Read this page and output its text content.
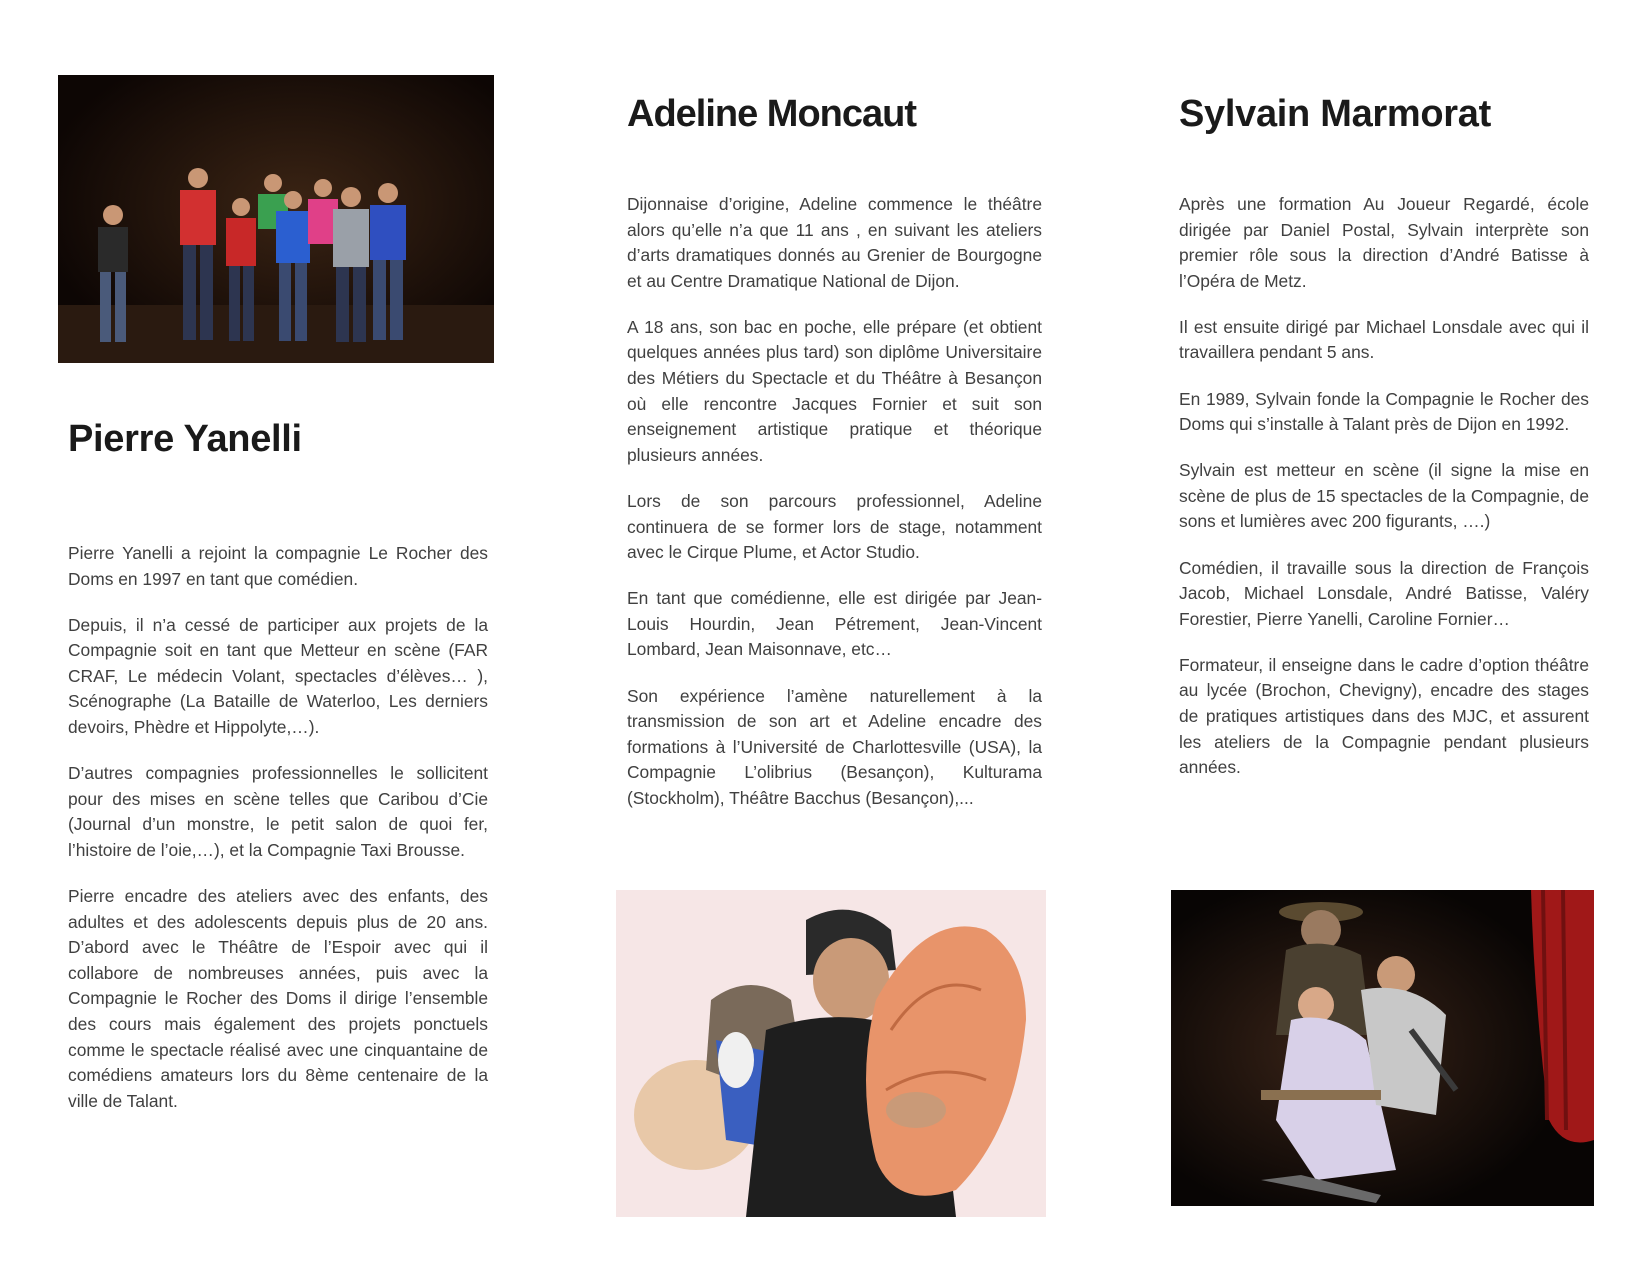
Pierre Yanelli

Pierre Yanelli a rejoint la compagnie Le Rocher des Doms en 1997 en tant que comédien.

Depuis, il n’a cessé de participer aux projets de la Compagnie soit en tant que Metteur en scène (FAR CRAF, Le médecin Volant, spectacles d’élèves… ), Scénographe (La Bataille de Waterloo, Les derniers devoirs, Phèdre et Hippolyte,…).

D’autres compagnies professionnelles le sollicitent pour des mises en scène telles que Caribou d’Cie (Journal d’un monstre, le petit salon de quoi fer, l’histoire de l’oie,…), et la Compagnie Taxi Brousse.

Pierre encadre des ateliers avec des enfants, des adultes et des adolescents depuis plus de 20 ans. D’abord avec le Théâtre de l’Espoir avec qui il collabore de nombreuses années, puis avec la Compagnie le Rocher des Doms il dirige l’ensemble des cours mais également des projets ponctuels comme le spectacle réalisé avec une cinquantaine de comédiens amateurs lors du 8ème centenaire de la ville de Talant.

Adeline Moncaut

Dijonnaise d’origine, Adeline commence le théâtre alors qu’elle n’a que 11 ans , en suivant les ateliers d’arts dramatiques donnés au Grenier de Bourgogne et au Centre Dramatique National de Dijon.

A 18 ans, son bac en poche, elle prépare (et obtient quelques années plus tard) son diplôme Universitaire des Métiers du Spectacle et du Théâtre à Besançon où elle rencontre Jacques Fornier et suit son enseignement artistique pratique et théorique plusieurs années.

Lors de son parcours professionnel, Adeline continuera de se former lors de stage, notamment avec le Cirque Plume, et Actor Studio.

En tant que comédienne, elle est dirigée par Jean-Louis Hourdin, Jean Pétrement, Jean-Vincent Lombard, Jean Maisonnave, etc…

Son expérience l’amène naturellement à la transmission de son art et Adeline encadre des formations à l’Université de Charlottesville (USA), la Compagnie L’olibrius (Besançon), Kulturama (Stockholm), Théâtre Bacchus (Besançon),...

Sylvain Marmorat

Après une formation Au Joueur Regardé, école dirigée par Daniel Postal, Sylvain interprète son premier rôle sous la direction d’André Batisse à l’Opéra de Metz.

Il est ensuite dirigé par Michael Lonsdale avec qui il travaillera pendant 5 ans.

En 1989, Sylvain fonde la Compagnie le Rocher des Doms qui s’installe à Talant près de Dijon en 1992.

Sylvain est metteur en scène (il signe la mise en scène de plus de 15 spectacles de la Compagnie, de sons et lumières avec 200 figurants, ….)

Comédien, il travaille sous la direction de François Jacob, Michael Lonsdale, André Batisse, Valéry Forestier, Pierre Yanelli, Caroline Fornier…

Formateur, il enseigne dans le cadre d’option théâtre au lycée (Brochon, Chevigny), encadre des stages de pratiques artistiques dans des MJC, et assurent les ateliers de la Compagnie pendant plusieurs années.
